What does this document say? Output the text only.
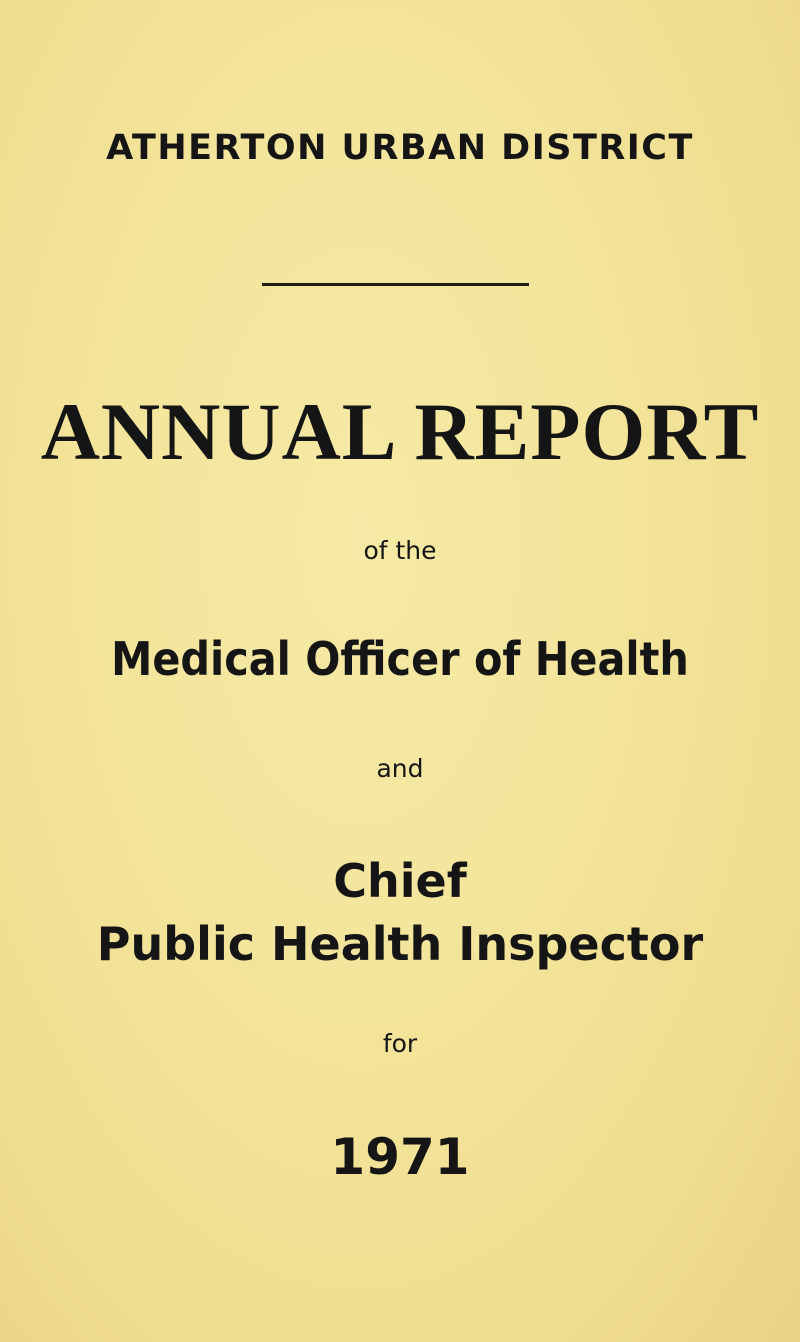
ATHERTON URBAN DISTRICT
ANNUAL REPORT
of the
Medical Officer of Health
and
Chief
Public Health Inspector
for
1971
